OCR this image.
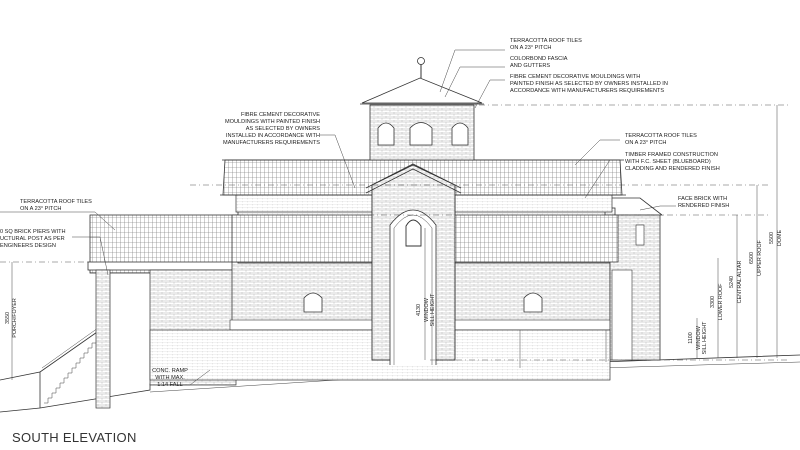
TERRACOTTA ROOF TILES
ON A 23° PITCH
COLORBOND FASCIA
AND GUTTERS
FIBRE CEMENT DECORATIVE MOULDINGS WITH
PAINTED FINISH AS SELECTED BY OWNERS INSTALLED IN
ACCORDANCE WITH MANUFACTURERS REQUIREMENTS
FIBRE CEMENT DECORATIVE
MOULDINGS WITH PAINTED FINISH
AS SELECTED BY OWNERS
INSTALLED IN ACCORDANCE WITH
MANUFACTURERS REQUIREMENTS
TERRACOTTA ROOF TILES
ON A 23° PITCH
TIMBER FRAMED CONSTRUCTION
WITH F.C. SHEET (BLUEBOARD)
CLADDING AND RENDERED FINISH
TERRACOTTA ROOF TILES
ON A 23° PITCH
FACE BRICK WITH
RENDERED FINISH
0 SQ BRICK PIERS WITH
UCTURAL POST AS PER
ENGINEERS DESIGN
CONC. RAMP
WITH MAX.
1:14 FALL
3550 PORCH/FOYER	4130 WINDOW SILL HEIGHT
1100 WINDOW SILL HEIGHT
3300 LOWER ROOF
5240 CENTRAL ALTAR
6500 UPPER ROOF
5500 DOME
SOUTH ELEVATION
